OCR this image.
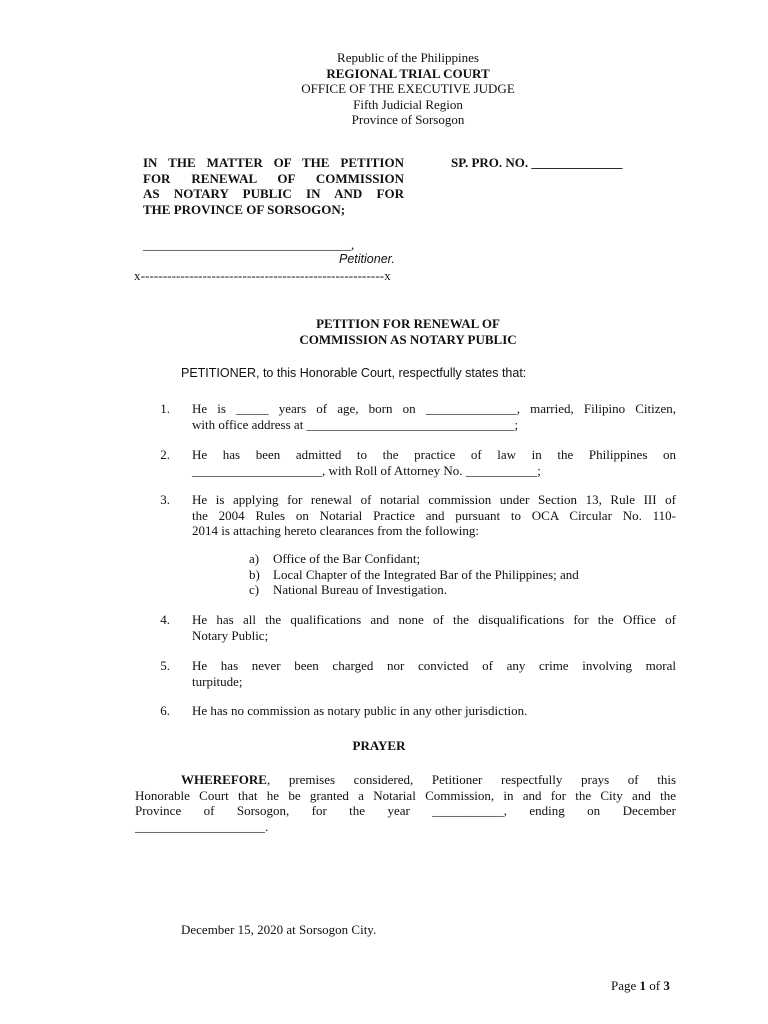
Republic of the Philippines
REGIONAL TRIAL COURT
OFFICE OF THE EXECUTIVE JUDGE
Fifth Judicial Region
Province of Sorsogon
IN THE MATTER OF THE PETITION
FOR RENEWAL OF COMMISSION
AS NOTARY PUBLIC IN AND FOR
THE PROVINCE OF SORSOGON;
SP. PRO. NO. ______________
________________________________,
Petitioner.
x-------------------------------------------------------x
PETITION FOR RENEWAL OF
COMMISSION AS NOTARY PUBLIC
PETITIONER, to this Honorable Court, respectfully states that:
1. He is _____ years of age, born on ______________, married, Filipino Citizen,
with office address at ________________________________;
2. He has been admitted to the practice of law in the Philippines on
____________________, with Roll of Attorney No. ___________;
3. He is applying for renewal of notarial commission under Section 13, Rule III of
the 2004 Rules on Notarial Practice and pursuant to OCA Circular No. 110-
2014 is attaching hereto clearances from the following:
a)	Office of the Bar Confidant;
b)	Local Chapter of the Integrated Bar of the Philippines; and
c)	National Bureau of Investigation.
4. He has all the qualifications and none of the disqualifications for the Office of
Notary Public;
5. He has never been charged nor convicted of any crime involving moral
turpitude;
6. He has no commission as notary public in any other jurisdiction.
PRAYER
WHEREFORE, premises considered, Petitioner respectfully prays of this
Honorable Court that he be granted a Notarial Commission, in and for the City and the
Province of Sorsogon, for the year ___________, ending on December
____________________.
December 15, 2020 at Sorsogon City.
Page 1 of 3
